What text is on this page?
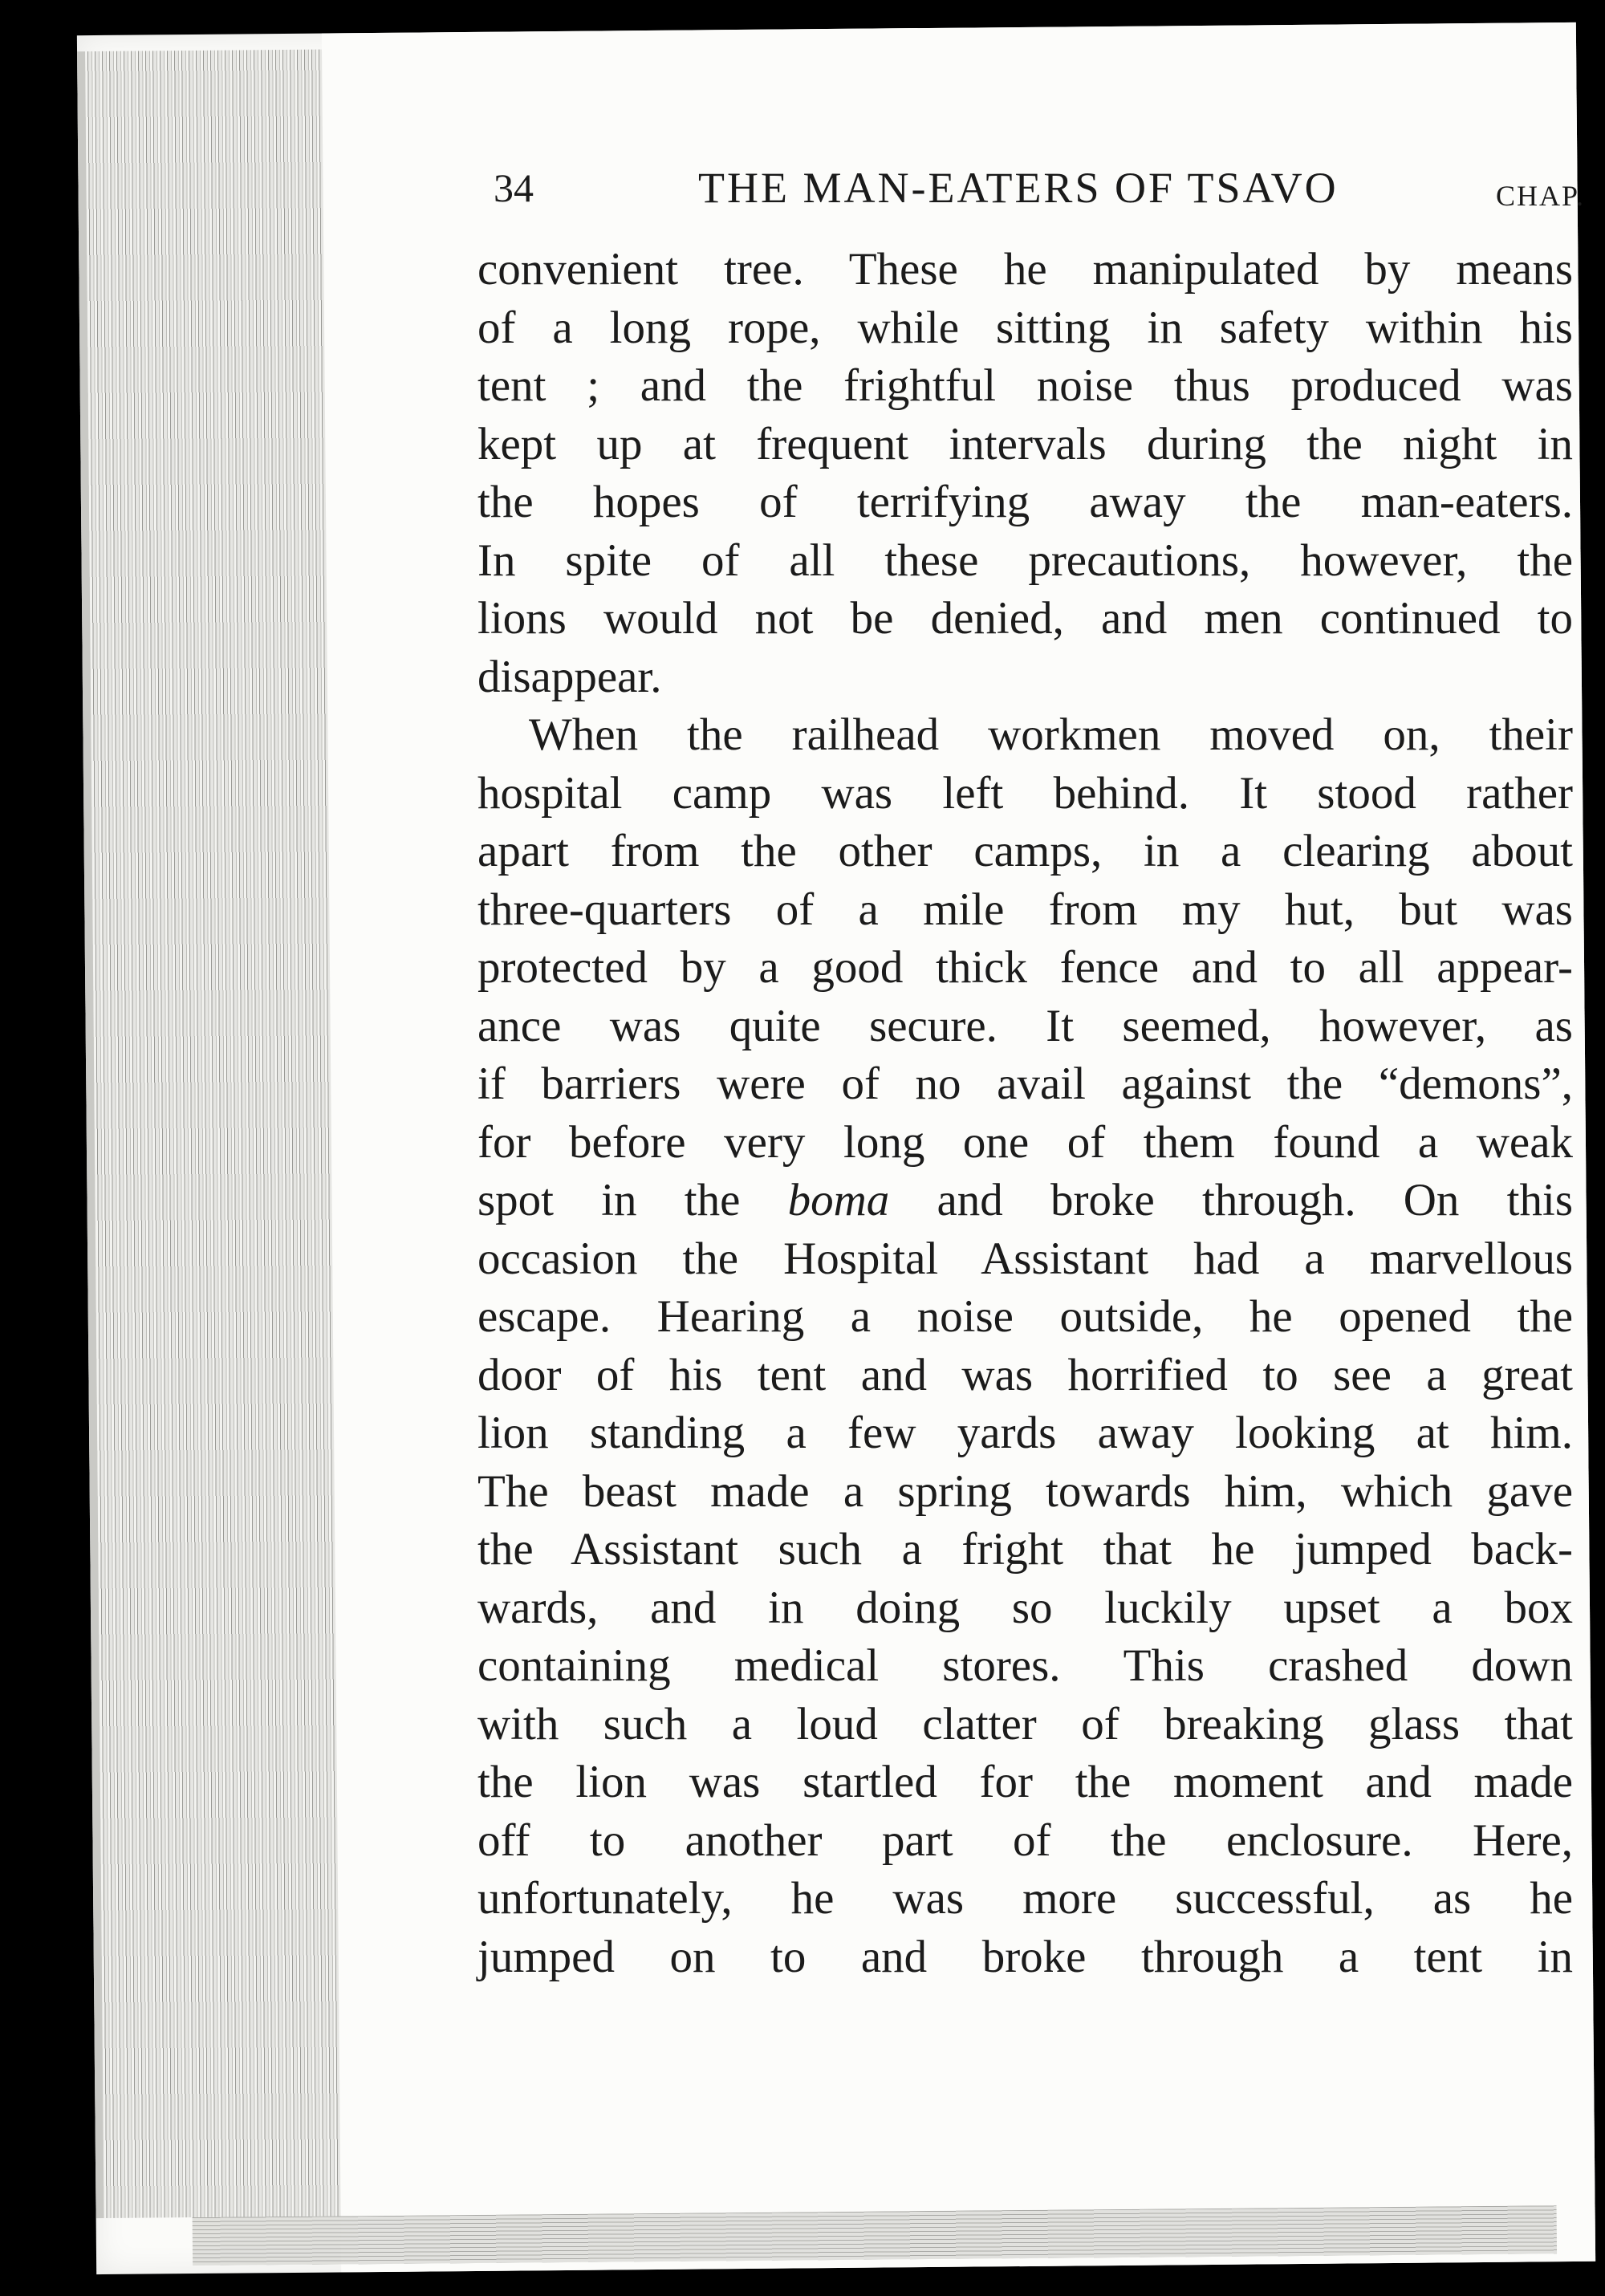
34	THE MAN-EATERS OF TSAVO	CHAP.
convenient tree. These he manipulated by means
of a long rope, while sitting in safety within his
tent ; and the frightful noise thus produced was
kept up at frequent intervals during the night in
the hopes of terrifying away the man-eaters.
In spite of all these precautions, however, the
lions would not be denied, and men continued to
disappear.
When the railhead workmen moved on, their
hospital camp was left behind. It stood rather
apart from the other camps, in a clearing about
three-quarters of a mile from my hut, but was
protected by a good thick fence and to all appear-
ance was quite secure. It seemed, however, as
if barriers were of no avail against the “demons”,
for before very long one of them found a weak
spot in the boma and broke through. On this
occasion the Hospital Assistant had a marvellous
escape. Hearing a noise outside, he opened the
door of his tent and was horrified to see a great
lion standing a few yards away looking at him.
The beast made a spring towards him, which gave
the Assistant such a fright that he jumped back-
wards, and in doing so luckily upset a box
containing medical stores. This crashed down
with such a loud clatter of breaking glass that
the lion was startled for the moment and made
off to another part of the enclosure. Here,
unfortunately, he was more successful, as he
jumped on to and broke through a tent in
